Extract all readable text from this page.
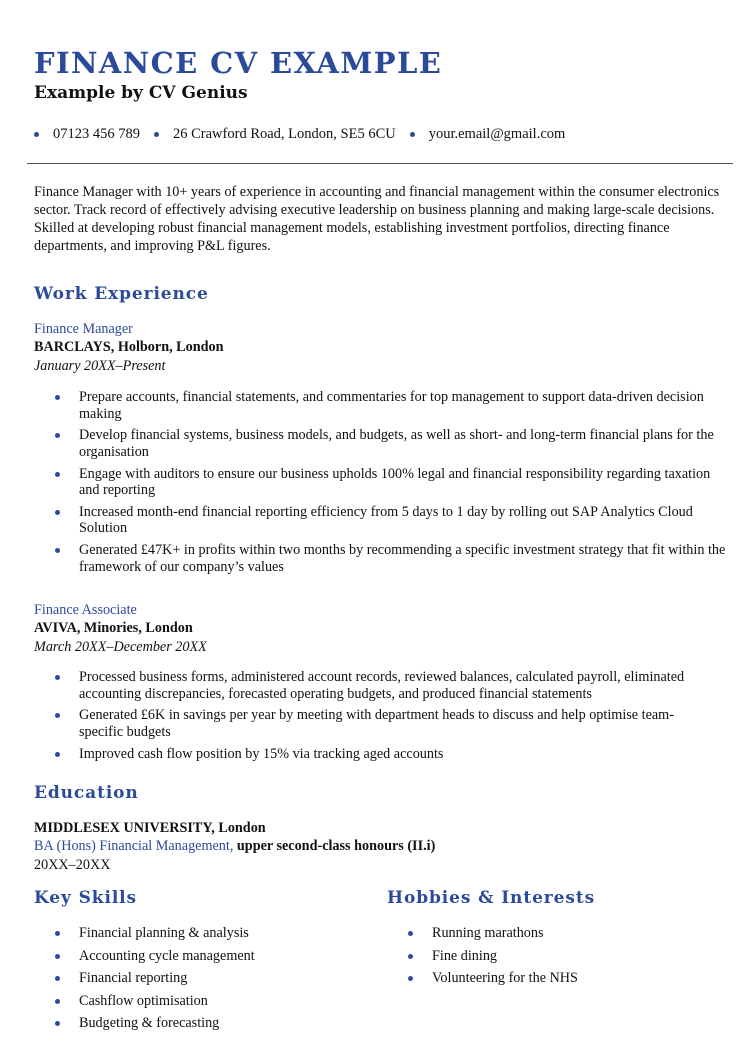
FINANCE CV EXAMPLE
Example by CV Genius
07123 456 789 26 Crawford Road, London, SE5 6CU your.email@gmail.com

Finance Manager with 10+ years of experience in accounting and financial management within the consumer electronics sector. Track record of effectively advising executive leadership on business planning and making large-scale decisions. Skilled at developing robust financial management models, establishing investment portfolios, directing finance departments, and improving P&L figures.

Work Experience
Finance Manager
BARCLAYS, Holborn, London
January 20XX–Present
Prepare accounts, financial statements, and commentaries for top management to support data-driven decision making
Develop financial systems, business models, and budgets, as well as short- and long-term financial plans for the organisation
Engage with auditors to ensure our business upholds 100% legal and financial responsibility regarding taxation and reporting
Increased month-end financial reporting efficiency from 5 days to 1 day by rolling out SAP Analytics Cloud Solution
Generated £47K+ in profits within two months by recommending a specific investment strategy that fit within the framework of our company’s values
Finance Associate
AVIVA, Minories, London
March 20XX–December 20XX
Processed business forms, administered account records, reviewed balances, calculated payroll, eliminated accounting discrepancies, forecasted operating budgets, and produced financial statements
Generated £6K in savings per year by meeting with department heads to discuss and help optimise team-specific budgets
Improved cash flow position by 15% via tracking aged accounts
Education
MIDDLESEX UNIVERSITY, London
BA (Hons) Financial Management, upper second-class honours (II.i)
20XX–20XX
Key Skills
Financial planning & analysis
Accounting cycle management
Financial reporting
Cashflow optimisation
Budgeting & forecasting
Hobbies & Interests
Running marathons
Fine dining
Volunteering for the NHS
